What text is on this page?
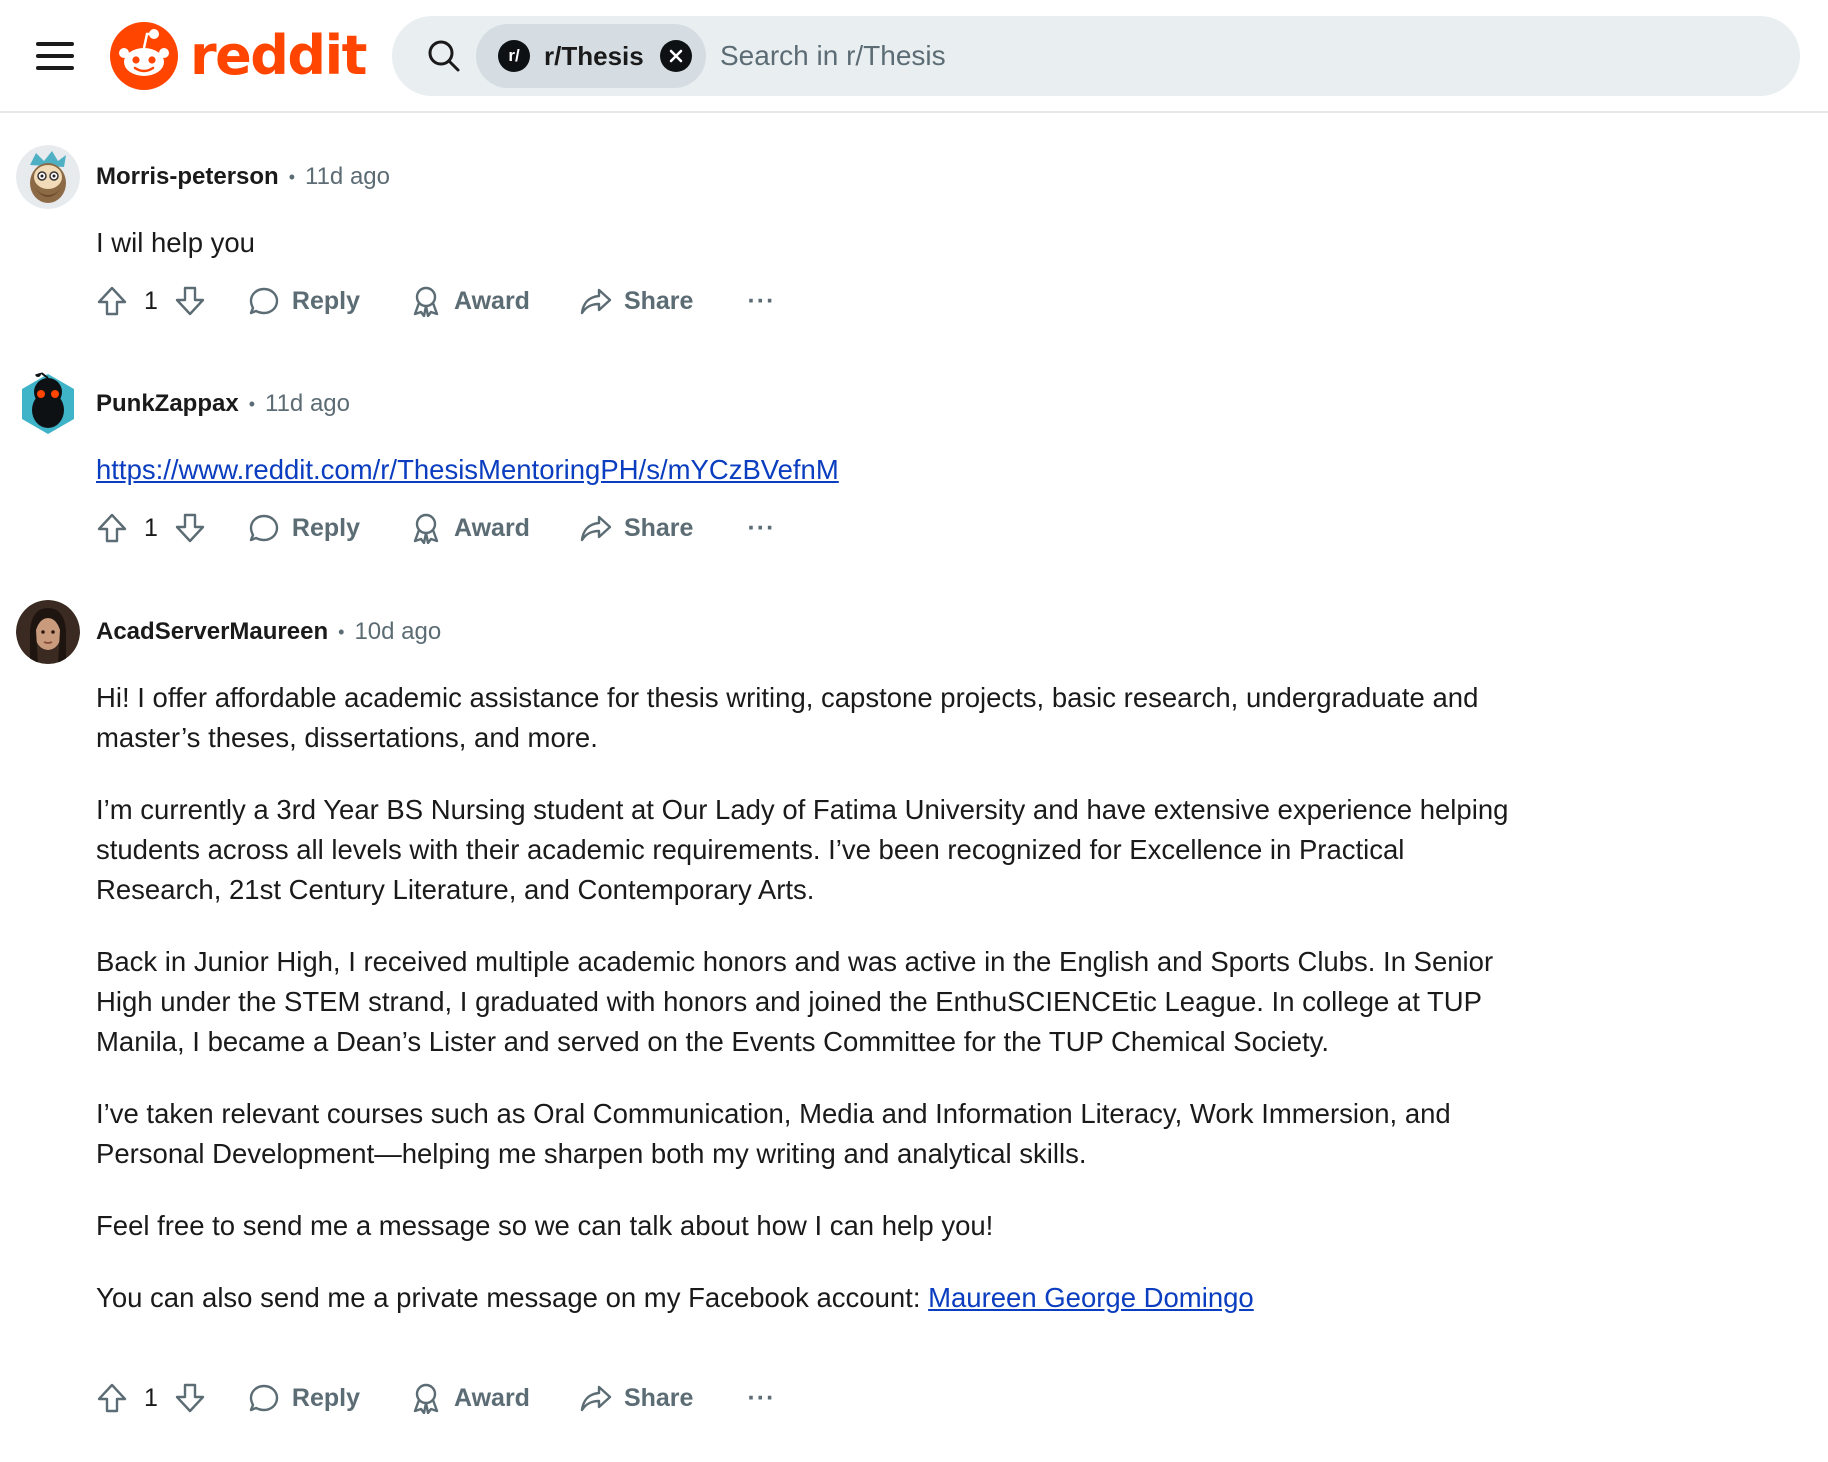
reddit	r/ r/Thesis
Search in r/Thesis
Morris-peterson • 11d ago

I wil help you

1	Reply	Award	Share ···
PunkZappax • 11d ago

https://www.reddit.com/r/ThesisMentoringPH/s/mYCzBVefnM

1	Reply	Award	Share ···
AcadServerMaureen • 10d ago

Hi! I offer affordable academic assistance for thesis writing, capstone projects, basic research, undergraduate and master’s theses, dissertations, and more.

I’m currently a 3rd Year BS Nursing student at Our Lady of Fatima University and have extensive experience helping students across all levels with their academic requirements. I’ve been recognized for Excellence in Practical Research, 21st Century Literature, and Contemporary Arts.

Back in Junior High, I received multiple academic honors and was active in the English and Sports Clubs. In Senior High under the STEM strand, I graduated with honors and joined the EnthuSCIENCEtic League. In college at TUP Manila, I became a Dean’s Lister and served on the Events Committee for the TUP Chemical Society.

I’ve taken relevant courses such as Oral Communication, Media and Information Literacy, Work Immersion, and Personal Development—helping me sharpen both my writing and analytical skills.

Feel free to send me a message so we can talk about how I can help you!

You can also send me a private message on my Facebook account: Maureen George Domingo

1	Reply	Award	Share ···
